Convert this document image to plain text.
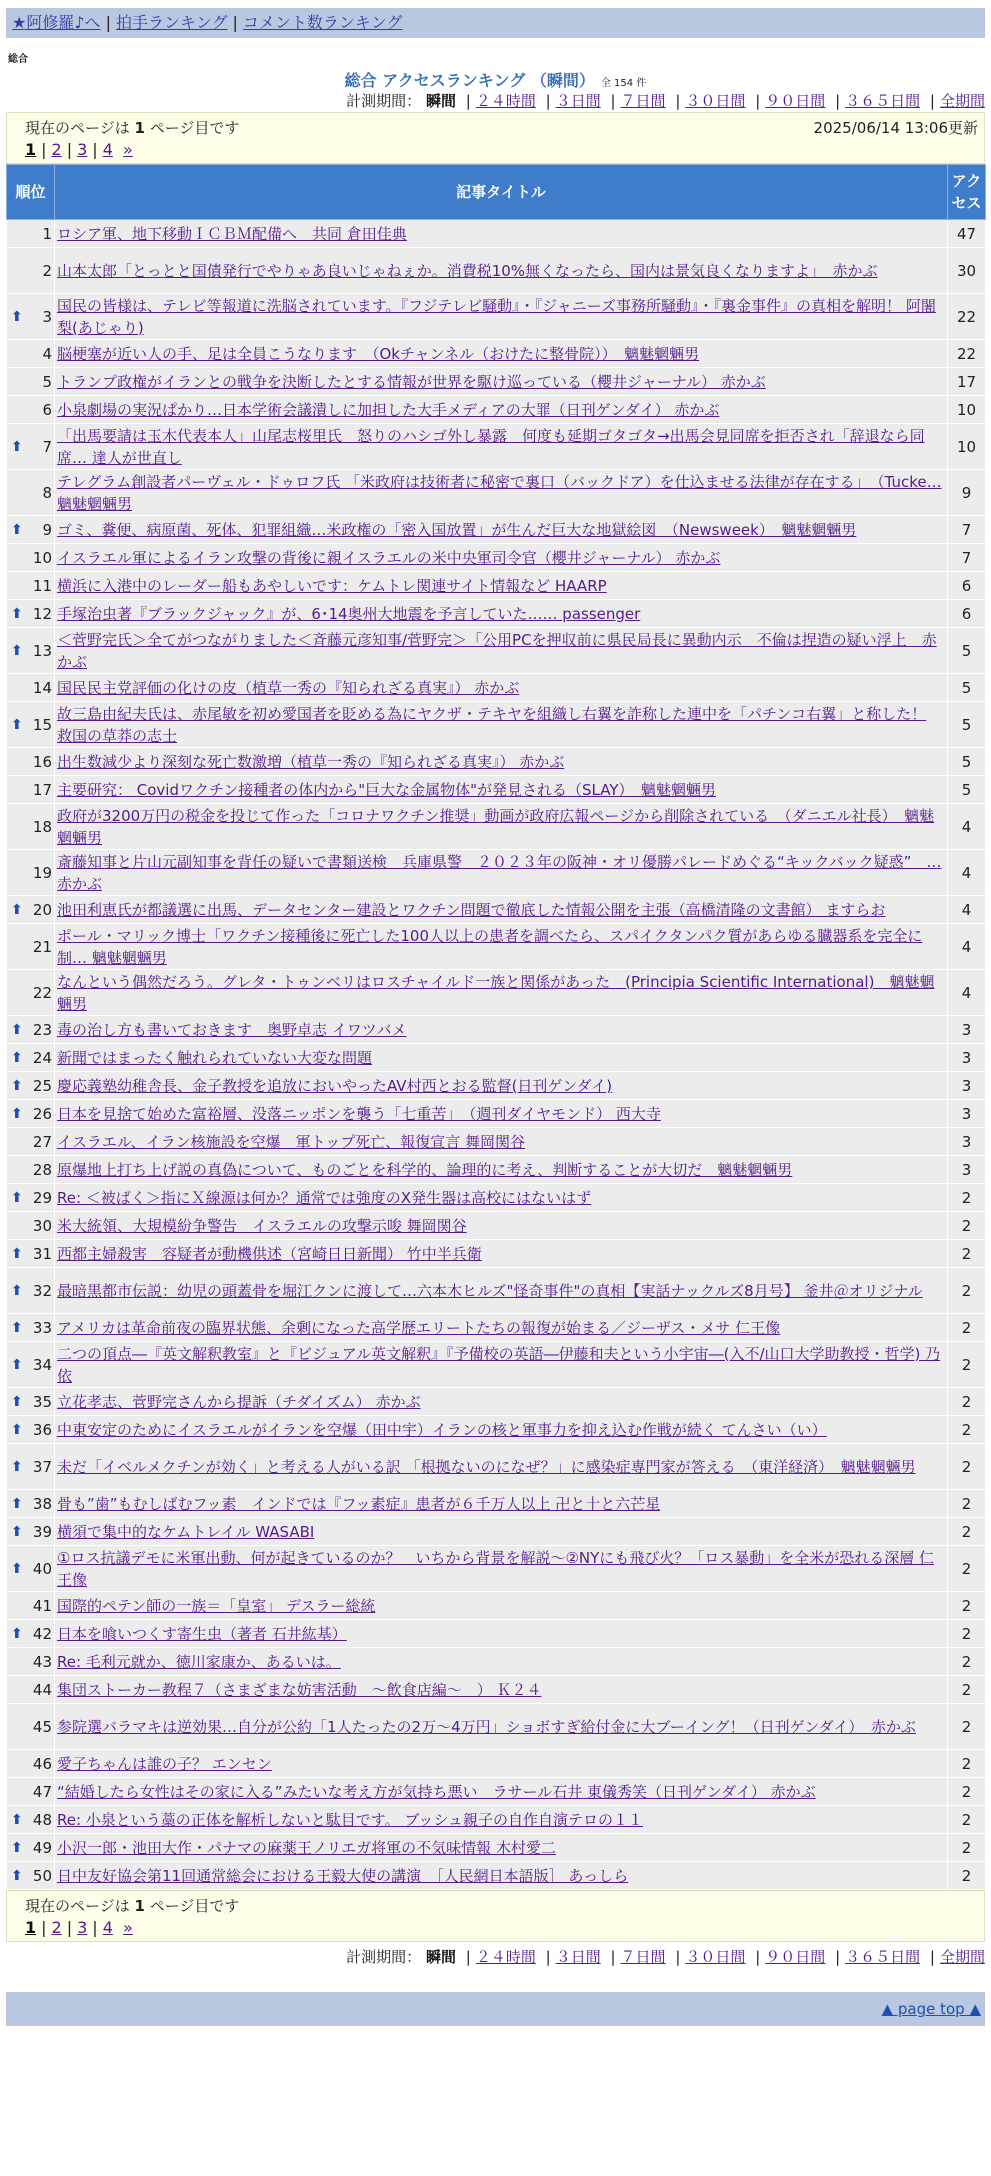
★阿修羅♪へ | 拍手ランキング | コメント数ランキング
総合
総合 アクセスランキング （瞬間） 全 154 件
計測期間： 瞬間 | ２４時間 | ３日間 | ７日間 | ３０日間 | ９０日間 | ３６５日間 | 全期間
現在のページは 1 ページ目です	2025/06/14 13:06更新
1 | 2 | 3 | 4 »
順位	記事タイトル	アクセス
1	ロシア軍、地下移動ＩＣＢＭ配備へ　共同 倉田佳典	47
2	山本太郎「とっとと国債発行でやりゃあ良いじゃねぇか。消費税10%無くなったら、国内は景気良くなりますよ」　赤かぶ	30

⬆ 3	国民の皆様は、テレビ等報道に洗脳されています。『フジテレビ騒動』・『ジャニーズ事務所騒動』・『裏金事件』の真相を解明！ 阿闍梨(あじゃり)	22
4	脳梗塞が近い人の手、足は全員こうなります　（Okチャンネル（おけたに整骨院））　魑魅魍魎男	22
5	トランプ政権がイランとの戦争を決断したとする情報が世界を駆け巡っている（櫻井ジャーナル） 赤かぶ	17
6	小泉劇場の実況ぱかり…日本学術会議潰しに加担した大手メディアの大罪（日刊ゲンダイ） 赤かぶ	10

⬆ 7	「出馬要請は玉木代表本人」山尾志桜里氏　怒りのハシゴ外し暴露　何度も延期ゴタゴタ→出馬会見同席を拒否され「辞退なら同席… 達人が世直し	10
8	テレグラム創設者パーヴェル・ドゥロフ氏 「米政府は技術者に秘密で裏口（バックドア）を仕込ませる法律が存在する」　（Tucke… 魑魅魍魎男	9

⬆ 9	ゴミ、糞便、病原菌、死体、犯罪組織…米政権の「密入国放置」が生んだ巨大な地獄絵図　（Newsweek）　魑魅魍魎男	7
10	イスラエル軍によるイラン攻撃の背後に親イスラエルの米中央軍司令官（櫻井ジャーナル） 赤かぶ	7
11	横浜に入港中のレーダー船もあやしいです：ケムトレ関連サイト情報など HAARP	6

⬆ 12	手塚治虫著『ブラックジャック』が、6･14奥州大地震を予言していた…… passenger	6

⬆ 13	＜菅野完氏＞全てがつながりました＜斉藤元彦知事/菅野完＞「公用PCを押収前に県民局長に異動内示　不倫は捏造の疑い浮上　赤かぶ	5
14	国民民主党評価の化けの皮（植草一秀の『知られざる真実』） 赤かぶ	5

⬆ 15	故三島由紀夫氏は、赤尾敏を初め愛国者を貶める為にヤクザ・テキヤを組織し右翼を詐称した連中を「パチンコ右翼」と称した！ 救国の草莽の志士	5
16	出生数減少より深刻な死亡数激増（植草一秀の『知られざる真実』） 赤かぶ	5
17	主要研究： Covidワクチン接種者の体内から"巨大な金属物体"が発見される（SLAY）　魑魅魍魎男	5
18	政府が3200万円の税金を投じて作った「コロナワクチン推奨」動画が政府広報ページから削除されている　（ダニエル社長）　魑魅魍魎男	4
19	斎藤知事と片山元副知事を背任の疑いで書類送検　兵庫県警　２０２３年の阪神・オリ優勝パレードめぐる“キックバック疑惑”　… 赤かぶ	4

⬆ 20	池田利恵氏が都議選に出馬、データセンター建設とワクチン問題で徹底した情報公開を主張（高橋清隆の文書館） ますらお	4
21	ポール・マリック博士「ワクチン接種後に死亡した100人以上の患者を調べたら、スパイクタンパク質があらゆる臓器系を完全に制… 魑魅魍魎男	4
22	なんという偶然だろう。グレタ・トゥンベリはロスチャイルド一族と関係があった　(Principia Scientific International)　魑魅魍魎男	4

⬆ 23	毒の治し方も書いておきます　奥野卓志 イワツバメ	3

⬆ 24	新聞ではまったく触れられていない大変な問題	3

⬆ 25	慶応義塾幼稚舎長、金子教授を追放においやったAV村西とおる監督(日刊ゲンダイ)	3

⬆ 26	日本を見捨て始めた富裕層、没落ニッポンを襲う「七重苦」　（週刊ダイヤモンド） 西大寺	3
27	イスラエル、イラン核施設を空爆　軍トップ死亡、報復宣言 舞岡関谷	3
28	原爆地上打ち上げ説の真偽について、ものごとを科学的、論理的に考え、判断することが大切だ　魑魅魍魎男	3

⬆ 29	Re: ＜被ばく＞指にＸ線源は何か？通常では強度のX発生器は高校にはないはず	2
30	米大統領、大規模紛争警告　イスラエルの攻撃示唆 舞岡関谷	2

⬆ 31	西都主婦殺害　容疑者が動機供述（宮崎日日新聞） 竹中半兵衛	2

⬆ 32	最暗黒都市伝説：幼児の頭蓋骨を堀江クンに渡して…六本木ヒルズ"怪奇事件"の真相【実話ナックルズ8月号】 釜井＠オリジナル	2

⬆ 33	アメリカは革命前夜の臨界状態、余剰になった高学歴エリートたちの報復が始まる／ジーザス・メサ 仁王像	2

⬆ 34	二つの頂点―『英文解釈教室』と『ビジュアル英文解釈』『予備校の英語―伊藤和夫という小宇宙―(入不/山口大学助教授・哲学) 乃依	2

⬆ 35	立花孝志、菅野完さんから提訴（チダイズム） 赤かぶ	2

⬆ 36	中東安定のためにイスラエルがイランを空爆（田中宇）イランの核と軍事力を抑え込む作戦が続く てんさい（い）	2

⬆ 37	未だ「イベルメクチンが効く」と考える人がいる訳 「根拠ないのになぜ？」に感染症専門家が答える　（東洋経済）　魑魅魍魎男	2

⬆ 38	骨も”歯”もむしばむフッ素　インドでは『フッ素症』患者が６千万人以上 卍と十と六芒星	2

⬆ 39	横須で集中的なケムトレイル WASABI	2

⬆ 40	①ロス抗議デモに米軍出動、何が起きているのか？　いちから背景を解説～②NYにも飛び火？「ロス暴動」を全米が恐れる深層 仁王像	2
41	国際的ペテン師の一族＝「皇室」 デスラー総統	2

⬆ 42	日本を喰いつくす寄生虫（著者 石井紘基）	2
43	Re: 毛利元就か、徳川家康か、あるいは。	2
44	集団ストーカー教程７（さまざまな妨害活動　～飲食店編～　） Ｋ２４	2
45	参院選バラマキは逆効果…自分が公約「1人たったの2万～4万円」ショボすぎ給付金に大ブーイング！（日刊ゲンダイ）　赤かぶ	2
46	愛子ちゃんは誰の子？ エンセン	2
47	“結婚したら女性はその家に入る”みたいな考え方が気持ち悪い　ラサール石井 東儀秀笑（日刊ゲンダイ） 赤かぶ	2

⬆ 48	Re: 小泉という藁の正体を解析しないと駄目です。 ブッシュ親子の自作自演テロの１１	2

⬆ 49	小沢一郎・池田大作・パナマの麻薬王ノリエガ将軍の不気味情報 木村愛二	2

⬆ 50	日中友好協会第11回通常総会における王毅大使の講演　［人民網日本語版］ あっしら	2
現在のページは 1 ページ目です
1 | 2 | 3 | 4 »
計測期間： 瞬間 | ２４時間 | ３日間 | ７日間 | ３０日間 | ９０日間 | ３６５日間 | 全期間
▲ page top ▲
